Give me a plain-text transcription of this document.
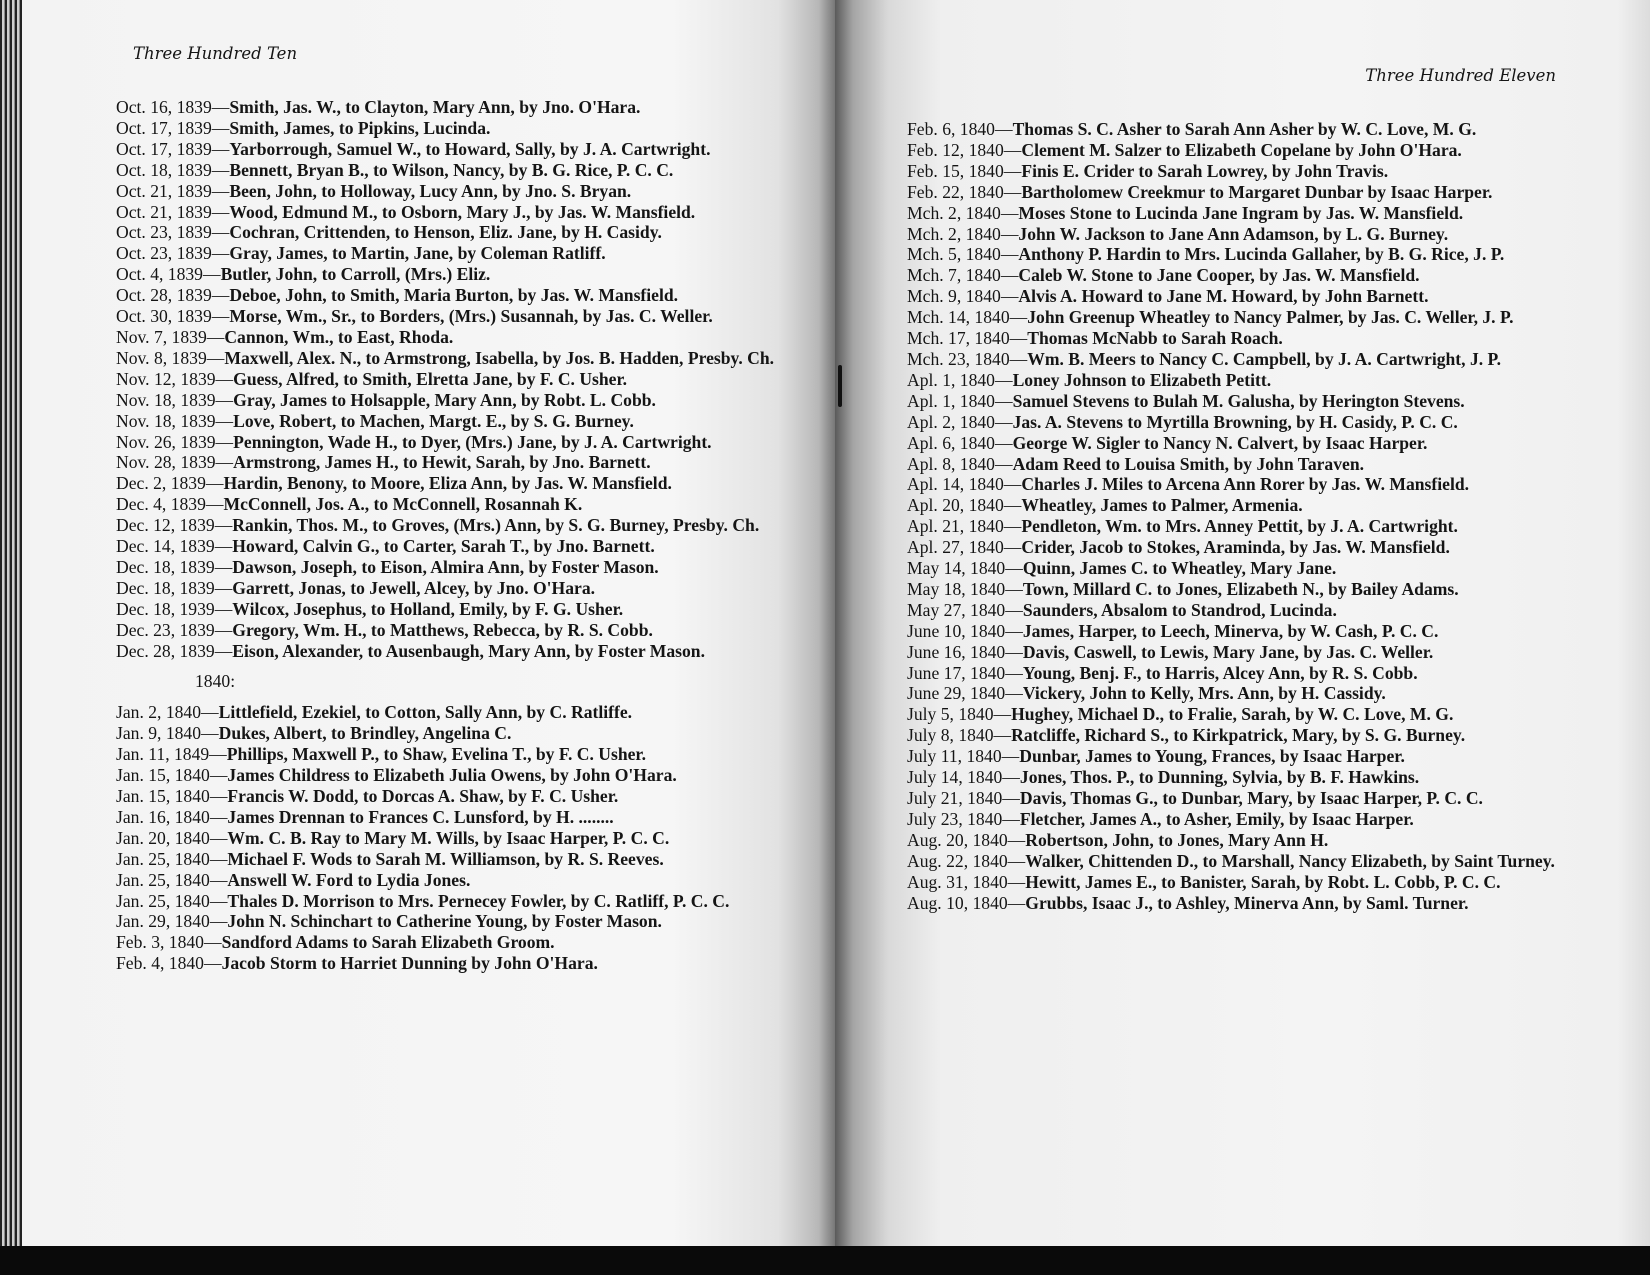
Three Hundred Ten
Three Hundred Eleven
Oct. 16, 1839— Smith, Jas. W., to Clayton, Mary Ann, by Jno. O'Hara.
Oct. 17, 1839— Smith, James, to Pipkins, Lucinda.
Oct. 17, 1839— Yarborrough, Samuel W., to Howard, Sally, by J. A. Cartwright.
Oct. 18, 1839— Bennett, Bryan B., to Wilson, Nancy, by B. G. Rice, P. C. C.
Oct. 21, 1839— Been, John, to Holloway, Lucy Ann, by Jno. S. Bryan.
Oct. 21, 1839— Wood, Edmund M., to Osborn, Mary J., by Jas. W. Mansfield.
Oct. 23, 1839— Cochran, Crittenden, to Henson, Eliz. Jane, by H. Casidy.
Oct. 23, 1839— Gray, James, to Martin, Jane, by Coleman Ratliff.
Oct. 4, 1839— Butler, John, to Carroll, (Mrs.) Eliz.
Oct. 28, 1839— Deboe, John, to Smith, Maria Burton, by Jas. W. Mansfield.
Oct. 30, 1839— Morse, Wm., Sr., to Borders, (Mrs.) Susannah, by Jas. C. Weller.
Nov. 7, 1839— Cannon, Wm., to East, Rhoda.
Nov. 8, 1839— Maxwell, Alex. N., to Armstrong, Isabella, by Jos. B. Hadden, Presby. Ch.
Nov. 12, 1839— Guess, Alfred, to Smith, Elretta Jane, by F. C. Usher.
Nov. 18, 1839— Gray, James to Holsapple, Mary Ann, by Robt. L. Cobb.
Nov. 18, 1839— Love, Robert, to Machen, Margt. E., by S. G. Burney.
Nov. 26, 1839— Pennington, Wade H., to Dyer, (Mrs.) Jane, by J. A. Cartwright.
Nov. 28, 1839— Armstrong, James H., to Hewit, Sarah, by Jno. Barnett.
Dec. 2, 1839— Hardin, Benony, to Moore, Eliza Ann, by Jas. W. Mansfield.
Dec. 4, 1839— McConnell, Jos. A., to McConnell, Rosannah K.
Dec. 12, 1839— Rankin, Thos. M., to Groves, (Mrs.) Ann, by S. G. Burney, Presby. Ch.
Dec. 14, 1839— Howard, Calvin G., to Carter, Sarah T., by Jno. Barnett.
Dec. 18, 1839— Dawson, Joseph, to Eison, Almira Ann, by Foster Mason.
Dec. 18, 1839— Garrett, Jonas, to Jewell, Alcey, by Jno. O'Hara.
Dec. 18, 1939— Wilcox, Josephus, to Holland, Emily, by F. G. Usher.
Dec. 23, 1839— Gregory, Wm. H., to Matthews, Rebecca, by R. S. Cobb.
Dec. 28, 1839— Eison, Alexander, to Ausenbaugh, Mary Ann, by Foster Mason.
1840:
Jan. 2, 1840— Littlefield, Ezekiel, to Cotton, Sally Ann, by C. Ratliffe.
Jan. 9, 1840— Dukes, Albert, to Brindley, Angelina C.
Jan. 11, 1849— Phillips, Maxwell P., to Shaw, Evelina T., by F. C. Usher.
Jan. 15, 1840— James Childress to Elizabeth Julia Owens, by John O'Hara.
Jan. 15, 1840— Francis W. Dodd, to Dorcas A. Shaw, by F. C. Usher.
Jan. 16, 1840— James Drennan to Frances C. Lunsford, by H. ........
Jan. 20, 1840— Wm. C. B. Ray to Mary M. Wills, by Isaac Harper, P. C. C.
Jan. 25, 1840— Michael F. Wods to Sarah M. Williamson, by R. S. Reeves.
Jan. 25, 1840— Answell W. Ford to Lydia Jones.
Jan. 25, 1840— Thales D. Morrison to Mrs. Pernecey Fowler, by C. Ratliff, P. C. C.
Jan. 29, 1840— John N. Schinchart to Catherine Young, by Foster Mason.
Feb. 3, 1840— Sandford Adams to Sarah Elizabeth Groom.
Feb. 4, 1840— Jacob Storm to Harriet Dunning by John O'Hara.
Feb. 6, 1840— Thomas S. C. Asher to Sarah Ann Asher by W. C. Love, M. G.
Feb. 12, 1840— Clement M. Salzer to Elizabeth Copelane by John O'Hara.
Feb. 15, 1840— Finis E. Crider to Sarah Lowrey, by John Travis.
Feb. 22, 1840— Bartholomew Creekmur to Margaret Dunbar by Isaac Harper.
Mch. 2, 1840— Moses Stone to Lucinda Jane Ingram by Jas. W. Mansfield.
Mch. 2, 1840— John W. Jackson to Jane Ann Adamson, by L. G. Burney.
Mch. 5, 1840— Anthony P. Hardin to Mrs. Lucinda Gallaher, by B. G. Rice, J. P.
Mch. 7, 1840— Caleb W. Stone to Jane Cooper, by Jas. W. Mansfield.
Mch. 9, 1840— Alvis A. Howard to Jane M. Howard, by John Barnett.
Mch. 14, 1840— John Greenup Wheatley to Nancy Palmer, by Jas. C. Weller, J. P.
Mch. 17, 1840— Thomas McNabb to Sarah Roach.
Mch. 23, 1840— Wm. B. Meers to Nancy C. Campbell, by J. A. Cartwright, J. P.
Apl. 1, 1840— Loney Johnson to Elizabeth Petitt.
Apl. 1, 1840— Samuel Stevens to Bulah M. Galusha, by Herington Stevens.
Apl. 2, 1840— Jas. A. Stevens to Myrtilla Browning, by H. Casidy, P. C. C.
Apl. 6, 1840— George W. Sigler to Nancy N. Calvert, by Isaac Harper.
Apl. 8, 1840— Adam Reed to Louisa Smith, by John Taraven.
Apl. 14, 1840— Charles J. Miles to Arcena Ann Rorer by Jas. W. Mansfield.
Apl. 20, 1840— Wheatley, James to Palmer, Armenia.
Apl. 21, 1840— Pendleton, Wm. to Mrs. Anney Pettit, by J. A. Cartwright.
Apl. 27, 1840— Crider, Jacob to Stokes, Araminda, by Jas. W. Mansfield.
May 14, 1840— Quinn, James C. to Wheatley, Mary Jane.
May 18, 1840— Town, Millard C. to Jones, Elizabeth N., by Bailey Adams.
May 27, 1840— Saunders, Absalom to Standrod, Lucinda.
June 10, 1840— James, Harper, to Leech, Minerva, by W. Cash, P. C. C.
June 16, 1840— Davis, Caswell, to Lewis, Mary Jane, by Jas. C. Weller.
June 17, 1840— Young, Benj. F., to Harris, Alcey Ann, by R. S. Cobb.
June 29, 1840— Vickery, John to Kelly, Mrs. Ann, by H. Cassidy.
July 5, 1840— Hughey, Michael D., to Fralie, Sarah, by W. C. Love, M. G.
July 8, 1840— Ratcliffe, Richard S., to Kirkpatrick, Mary, by S. G. Burney.
July 11, 1840— Dunbar, James to Young, Frances, by Isaac Harper.
July 14, 1840— Jones, Thos. P., to Dunning, Sylvia, by B. F. Hawkins.
July 21, 1840— Davis, Thomas G., to Dunbar, Mary, by Isaac Harper, P. C. C.
July 23, 1840— Fletcher, James A., to Asher, Emily, by Isaac Harper.
Aug. 20, 1840— Robertson, John, to Jones, Mary Ann H.
Aug. 22, 1840— Walker, Chittenden D., to Marshall, Nancy Elizabeth, by Saint Turney.
Aug. 31, 1840— Hewitt, James E., to Banister, Sarah, by Robt. L. Cobb, P. C. C.
Aug. 10, 1840— Grubbs, Isaac J., to Ashley, Minerva Ann, by Saml. Turner.
